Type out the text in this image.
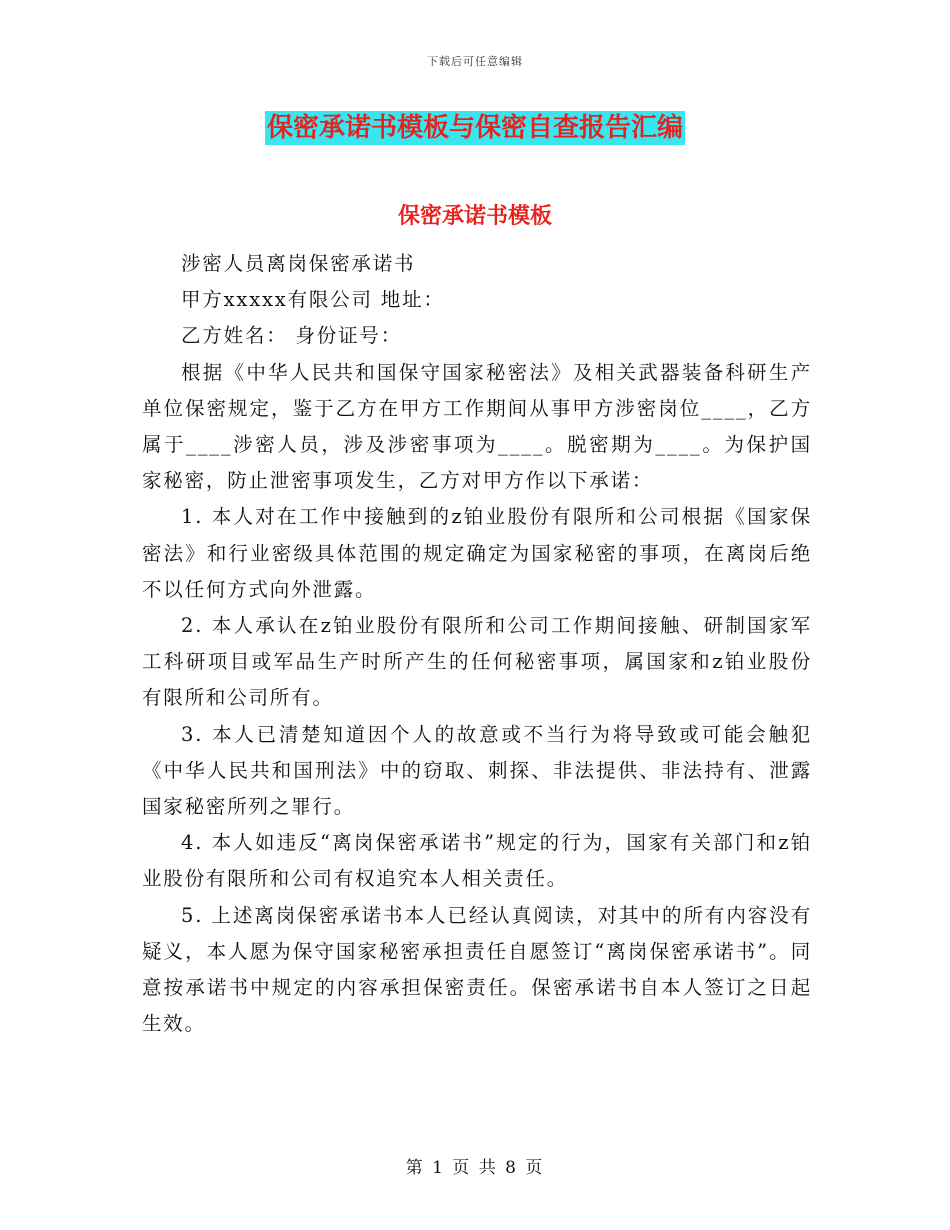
下载后可任意编辑
保密承诺书模板与保密自查报告汇编
保密承诺书模板

涉密人员离岗保密承诺书

甲方xxxxx有限公司 地址：

乙方姓名： 身份证号：

根据《中华人民共和国保守国家秘密法》及相关武器装备科研生产单位保密规定，鉴于乙方在甲方工作期间从事甲方涉密岗位____，乙方属于____涉密人员，涉及涉密事项为____。脱密期为____。为保护国家秘密，防止泄密事项发生，乙方对甲方作以下承诺：

1. 本人对在工作中接触到的z铂业股份有限所和公司根据《国家保密法》和行业密级具体范围的规定确定为国家秘密的事项，在离岗后绝不以任何方式向外泄露。

2. 本人承认在z铂业股份有限所和公司工作期间接触、研制国家军工科研项目或军品生产时所产生的任何秘密事项，属国家和z铂业股份有限所和公司所有。

3. 本人已清楚知道因个人的故意或不当行为将导致或可能会触犯《中华人民共和国刑法》中的窃取、刺探、非法提供、非法持有、泄露国家秘密所列之罪行。

4. 本人如违反“离岗保密承诺书”规定的行为，国家有关部门和z铂业股份有限所和公司有权追究本人相关责任。

5. 上述离岗保密承诺书本人已经认真阅读，对其中的所有内容没有疑义，本人愿为保守国家秘密承担责任自愿签订“离岗保密承诺书”。同意按承诺书中规定的内容承担保密责任。保密承诺书自本人签订之日起生效。

第 1 页 共 8 页
